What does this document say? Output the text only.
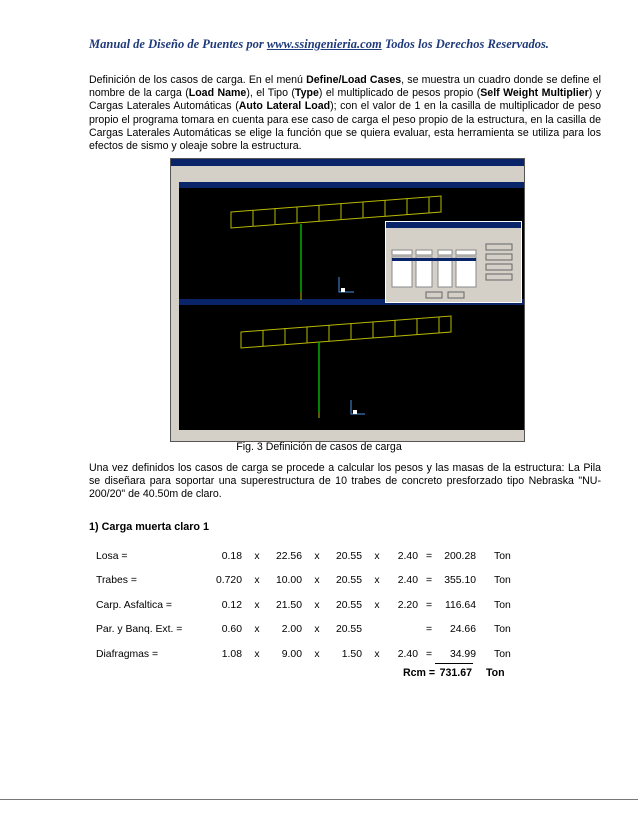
Manual de Diseño de Puentes por www.ssingenieria.com Todos los Derechos Reservados.
Definición de los casos de carga. En el menú Define/Load Cases, se muestra un cuadro donde se define el nombre de la carga (Load Name), el Tipo (Type) el multiplicado de pesos propio (Self Weight Multiplier) y Cargas Laterales Automáticas (Auto Lateral Load); con el valor de 1 en la casilla de multiplicador de peso propio el programa tomara en cuenta para ese caso de carga el peso propio de la estructura, en la casilla de Cargas Laterales Automáticas se elige la función que se quiera evaluar, esta herramienta se utiliza para los efectos de sismo y oleaje sobre la estructura.
Fig. 3 Definición de casos de carga
Una vez definidos los casos de carga se procede a calcular los pesos y las masas de la estructura: La Pila se diseñara para soportar una superestructura de 10 trabes de concreto presforzado tipo Nebraska "NU-200/20" de 40.50m de claro.
1) Carga muerta claro 1
Losa =	0.18	x	22.56	x	20.55	x	2.40	=	200.28	Ton
Trabes =	0.720	x	10.00	x	20.55	x	2.40	=	355.10	Ton
Carp. Asfaltica =	0.12	x	21.50	x	20.55	x	2.20	=	116.64	Ton
Par. y Banq. Ext. =	0.60	x	2.00	x	20.55			=	24.66	Ton
Diafragmas =	1.08	x	9.00	x	1.50	x	2.40	=	34.99	Ton
Rcm = 731.67 Ton
